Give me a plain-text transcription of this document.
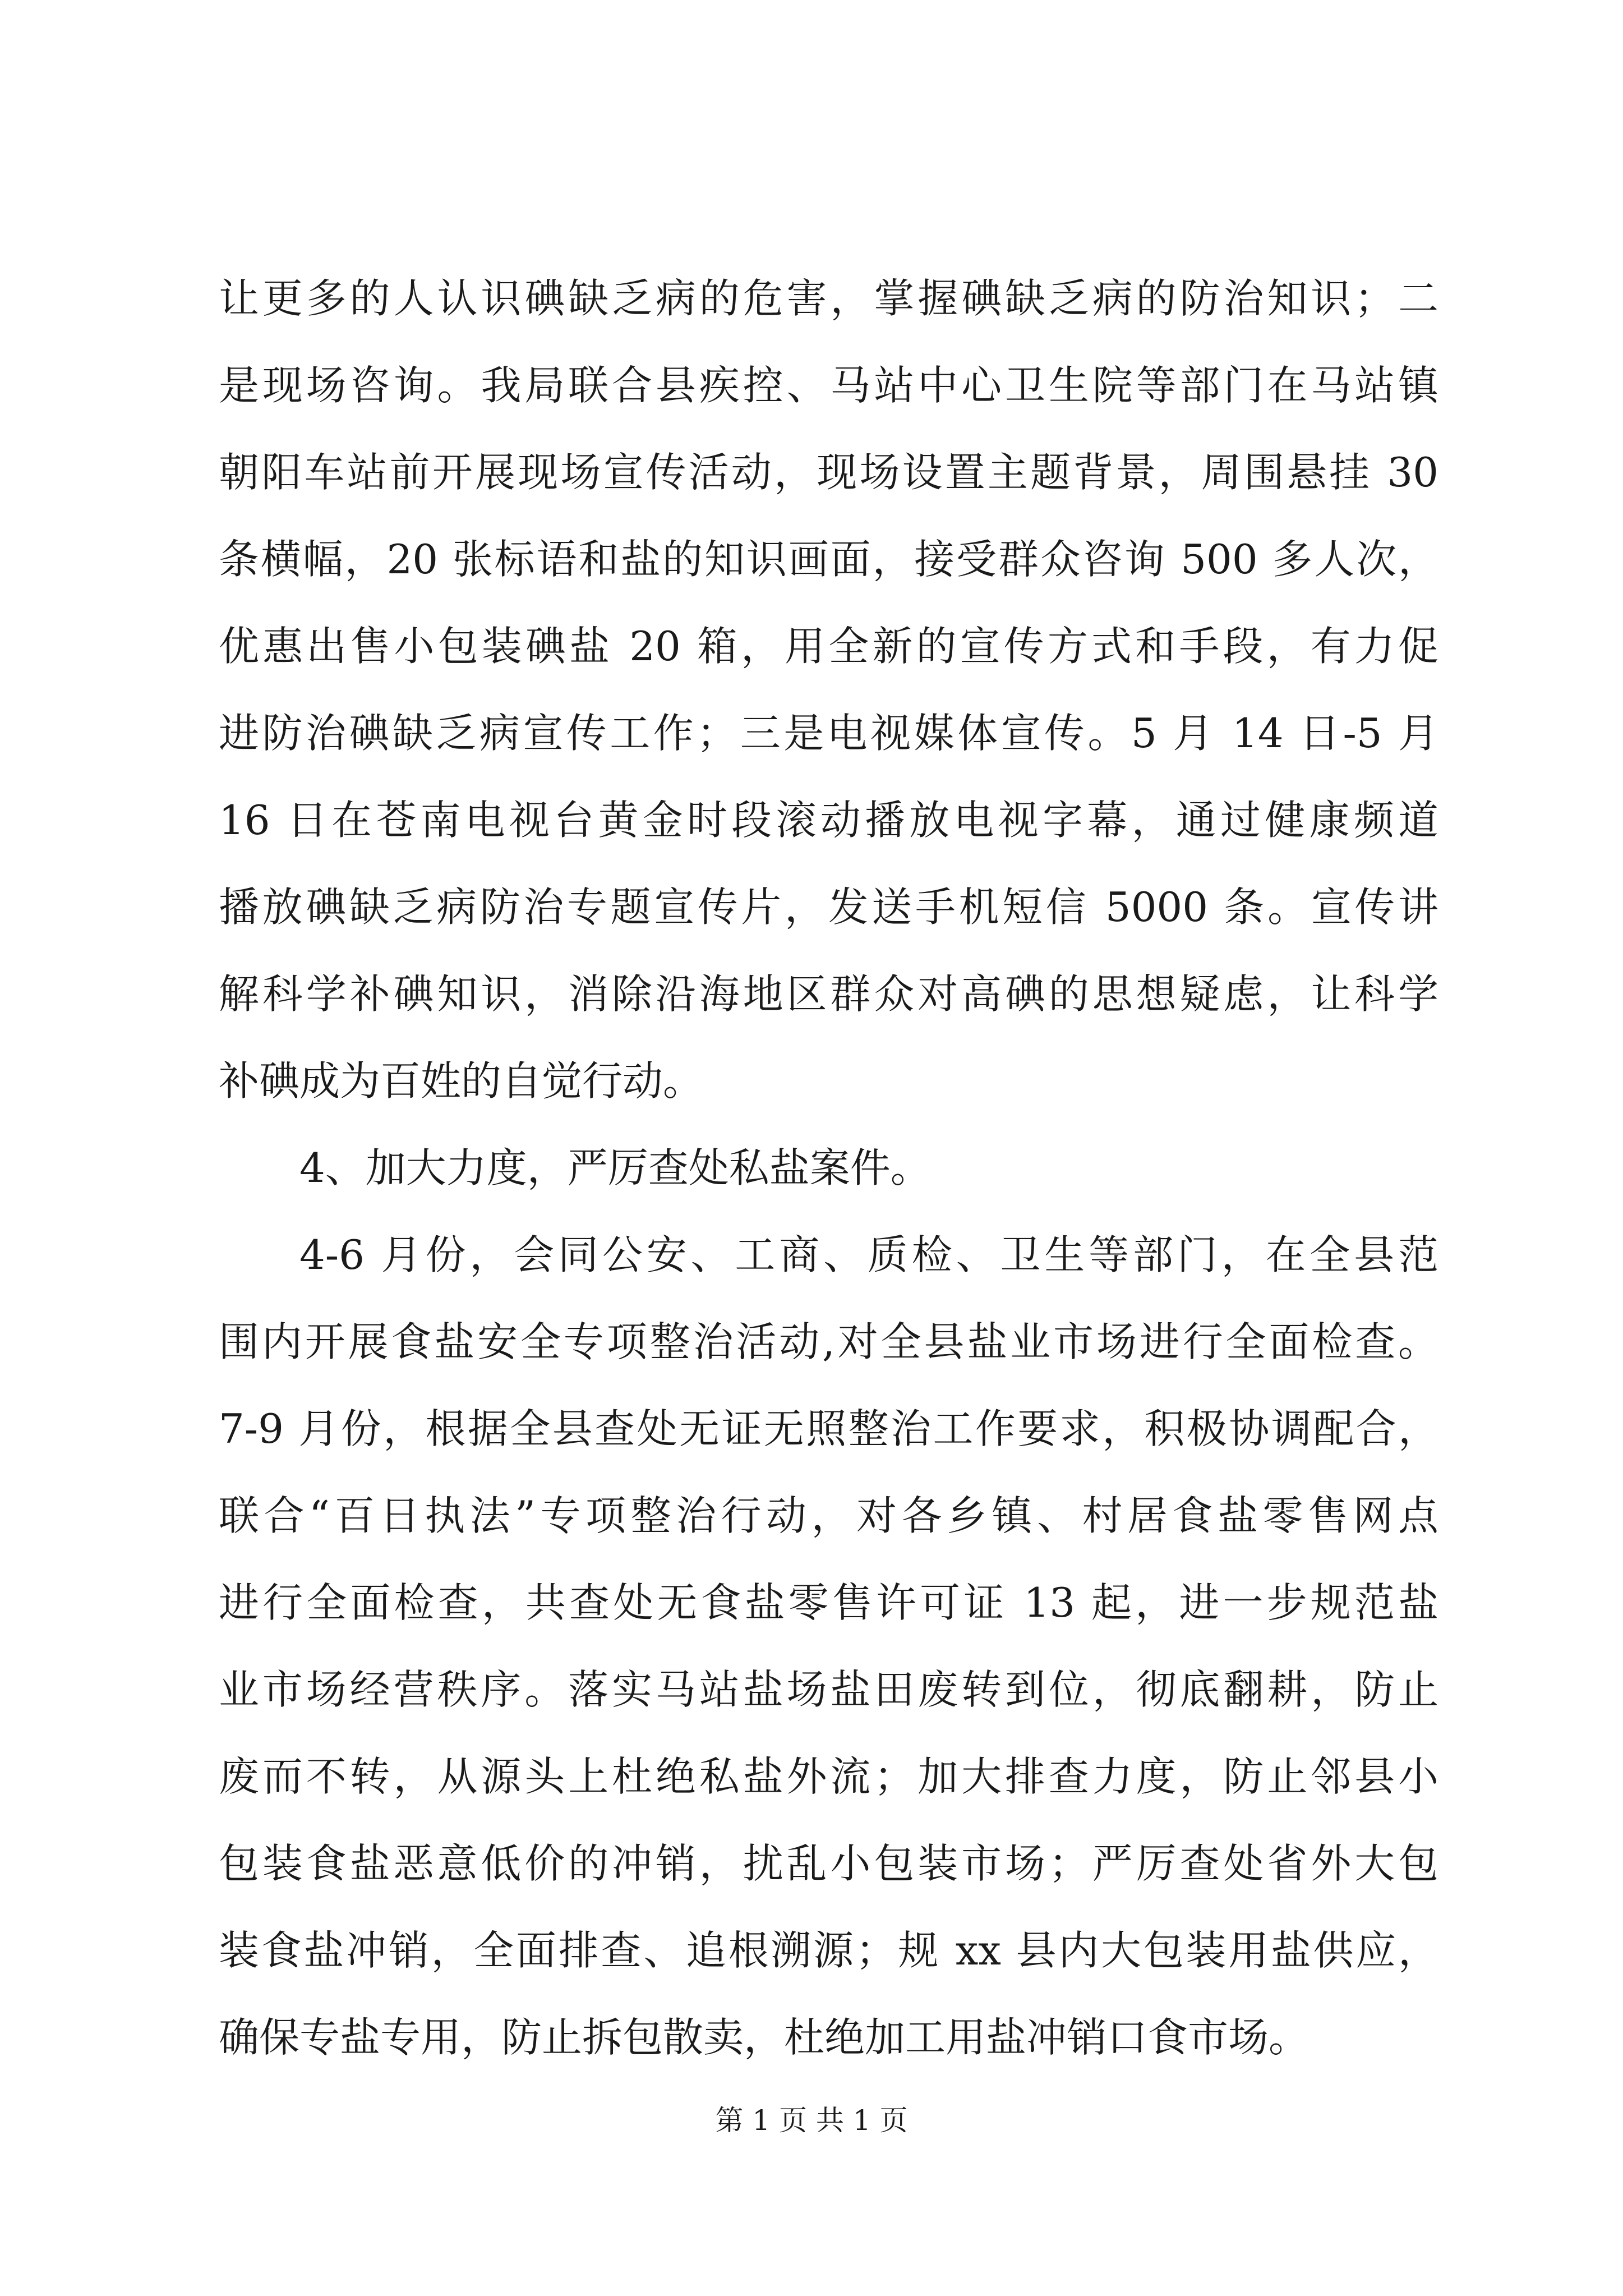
让更多的人认识碘缺乏病的危害，掌握碘缺乏病的防治知识；二
是现场咨询。我局联合县疾控、马站中心卫生院等部门在马站镇
朝阳车站前开展现场宣传活动，现场设置主题背景，周围悬挂 30
条横幅，20 张标语和盐的知识画面，接受群众咨询 500 多人次，
优惠出售小包装碘盐 20 箱，用全新的宣传方式和手段，有力促
进防治碘缺乏病宣传工作；三是电视媒体宣传。5 月 14 日-5 月
16 日在苍南电视台黄金时段滚动播放电视字幕，通过健康频道
播放碘缺乏病防治专题宣传片，发送手机短信 5000 条。宣传讲
解科学补碘知识，消除沿海地区群众对高碘的思想疑虑，让科学
补碘成为百姓的自觉行动。
4、加大力度，严厉查处私盐案件。
4-6 月份，会同公安、工商、质检、卫生等部门，在全县范
围内开展食盐安全专项整治活动,对全县盐业市场进行全面检查。
7-9 月份，根据全县查处无证无照整治工作要求，积极协调配合，
联合“百日执法”专项整治行动，对各乡镇、村居食盐零售网点
进行全面检查，共查处无食盐零售许可证 13 起，进一步规范盐
业市场经营秩序。落实马站盐场盐田废转到位，彻底翻耕，防止
废而不转，从源头上杜绝私盐外流；加大排查力度，防止邻县小
包装食盐恶意低价的冲销，扰乱小包装市场；严厉查处省外大包
装食盐冲销，全面排查、追根溯源；规 xx 县内大包装用盐供应，
确保专盐专用，防止拆包散卖，杜绝加工用盐冲销口食市场。
第 1 页 共 1 页
